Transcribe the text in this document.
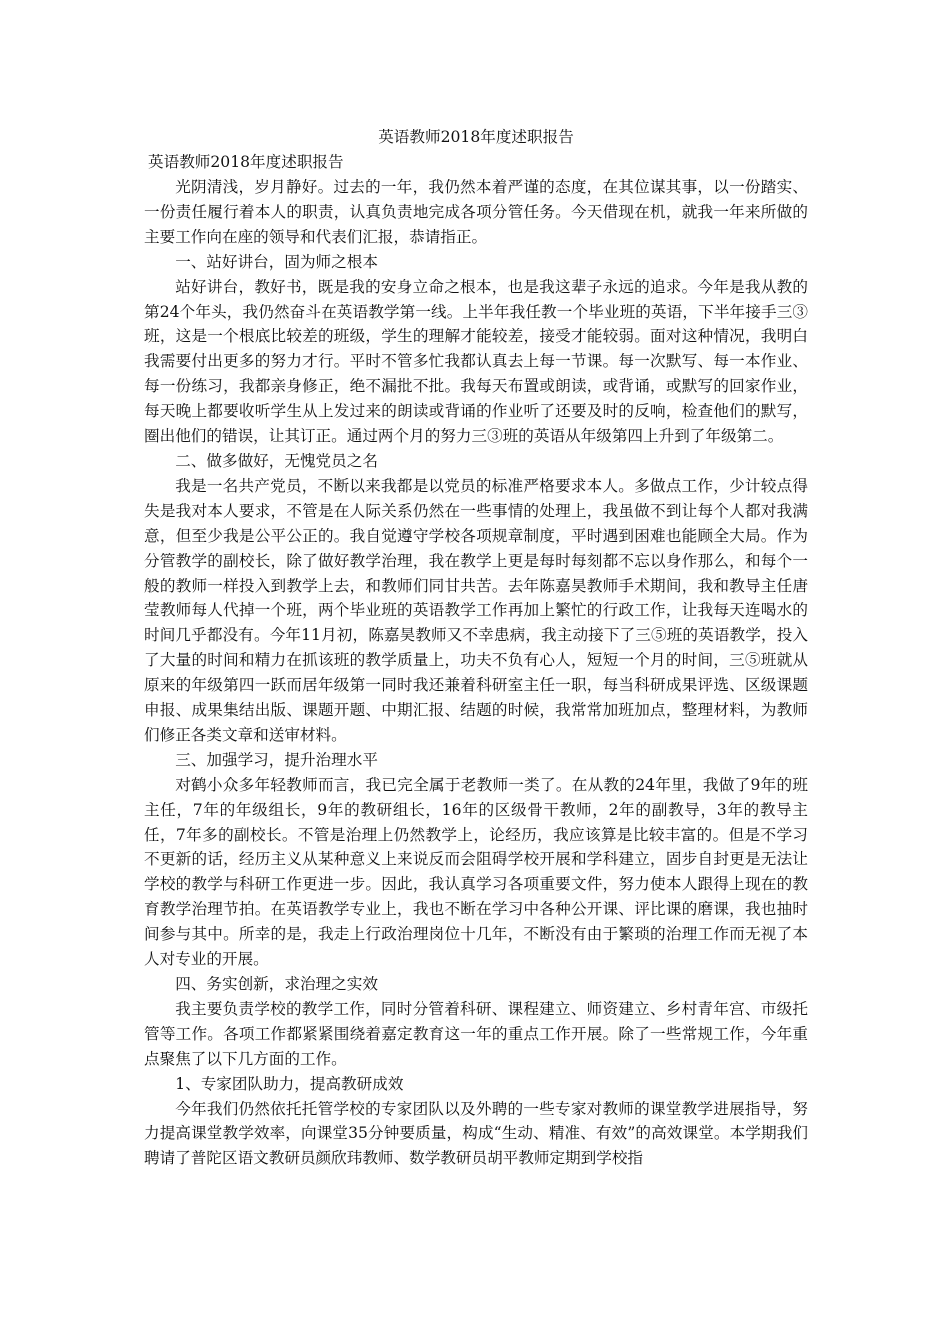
英语教师2018年度述职报告

英语教师2018年度述职报告

光阴清浅，岁月静好。过去的一年，我仍然本着严谨的态度，在其位谋其事，以一份踏实、一份责任履行着本人的职责，认真负责地完成各项分管任务。今天借现在机，就我一年来所做的主要工作向在座的领导和代表们汇报，恭请指正。

一、站好讲台，固为师之根本

站好讲台，教好书，既是我的安身立命之根本，也是我这辈子永远的追求。今年是我从教的第24个年头，我仍然奋斗在英语教学第一线。上半年我任教一个毕业班的英语，下半年接手三③班，这是一个根底比较差的班级，学生的理解才能较差，接受才能较弱。面对这种情况，我明白我需要付出更多的努力才行。平时不管多忙我都认真去上每一节课。每一次默写、每一本作业、每一份练习，我都亲身修正，绝不漏批不批。我每天布置或朗读，或背诵，或默写的回家作业，每天晚上都要收听学生从上发过来的朗读或背诵的作业听了还要及时的反响，检查他们的默写，圈出他们的错误，让其订正。通过两个月的努力三③班的英语从年级第四上升到了年级第二。

二、做多做好，无愧党员之名

我是一名共产党员，不断以来我都是以党员的标准严格要求本人。多做点工作，少计较点得失是我对本人要求，不管是在人际关系仍然在一些事情的处理上，我虽做不到让每个人都对我满意，但至少我是公平公正的。我自觉遵守学校各项规章制度，平时遇到困难也能顾全大局。作为分管教学的副校长，除了做好教学治理，我在教学上更是每时每刻都不忘以身作那么，和每个一般的教师一样投入到教学上去，和教师们同甘共苦。去年陈嘉昊教师手术期间，我和教导主任唐莹教师每人代掉一个班，两个毕业班的英语教学工作再加上繁忙的行政工作，让我每天连喝水的时间几乎都没有。今年11月初，陈嘉昊教师又不幸患病，我主动接下了三⑤班的英语教学，投入了大量的时间和精力在抓该班的教学质量上，功夫不负有心人，短短一个月的时间，三⑤班就从原来的年级第四一跃而居年级第一同时我还兼着科研室主任一职，每当科研成果评选、区级课题申报、成果集结出版、课题开题、中期汇报、结题的时候，我常常加班加点，整理材料，为教师们修正各类文章和送审材料。

三、加强学习，提升治理水平

对鹤小众多年轻教师而言，我已完全属于老教师一类了。在从教的24年里，我做了9年的班主任，7年的年级组长，9年的教研组长，16年的区级骨干教师，2年的副教导，3年的教导主任，7年多的副校长。不管是治理上仍然教学上，论经历，我应该算是比较丰富的。但是不学习不更新的话，经历主义从某种意义上来说反而会阻碍学校开展和学科建立，固步自封更是无法让学校的教学与科研工作更进一步。因此，我认真学习各项重要文件，努力使本人跟得上现在的教育教学治理节拍。在英语教学专业上，我也不断在学习中各种公开课、评比课的磨课，我也抽时间参与其中。所幸的是，我走上行政治理岗位十几年，不断没有由于繁琐的治理工作而无视了本人对专业的开展。

四、务实创新，求治理之实效

我主要负责学校的教学工作，同时分管着科研、课程建立、师资建立、乡村青年宫、市级托管等工作。各项工作都紧紧围绕着嘉定教育这一年的重点工作开展。除了一些常规工作，今年重点聚焦了以下几方面的工作。

1、专家团队助力，提高教研成效

今年我们仍然依托托管学校的专家团队以及外聘的一些专家对教师的课堂教学进展指导，努力提高课堂教学效率，向课堂35分钟要质量，构成“生动、精准、有效”的高效课堂。本学期我们聘请了普陀区语文教研员颜欣玮教师、数学教研员胡平教师定期到学校指
